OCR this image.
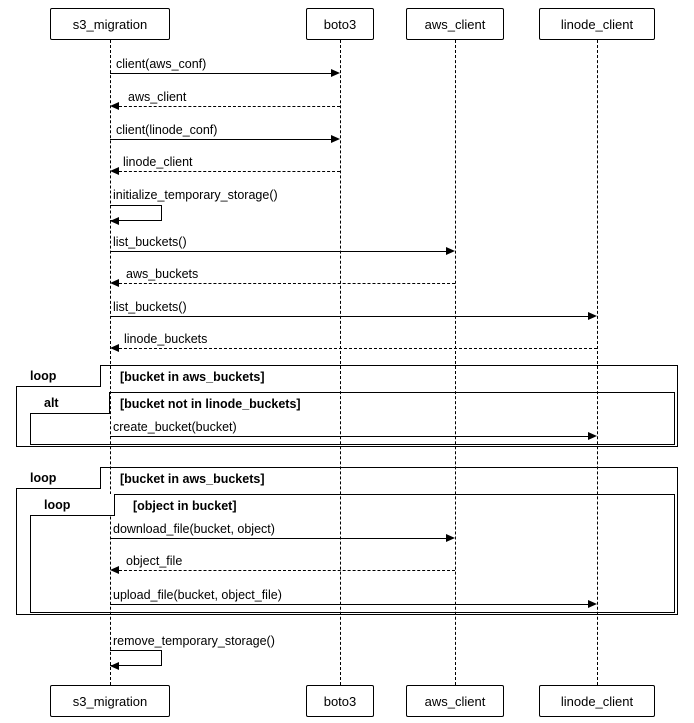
s3_migration	boto3	aws_client	linode_client
s3_migration	boto3	aws_client	linode_client
client(aws_conf)
aws_client
client(linode_conf)
linode_client
initialize_temporary_storage()
list_buckets()
aws_buckets
list_buckets()
linode_buckets
loop	[bucket in aws_buckets]
alt	[bucket not in linode_buckets]
create_bucket(bucket)
loop	[bucket in aws_buckets]
loop	[object in bucket]
download_file(bucket, object)
object_file
upload_file(bucket, object_file)
remove_temporary_storage()
